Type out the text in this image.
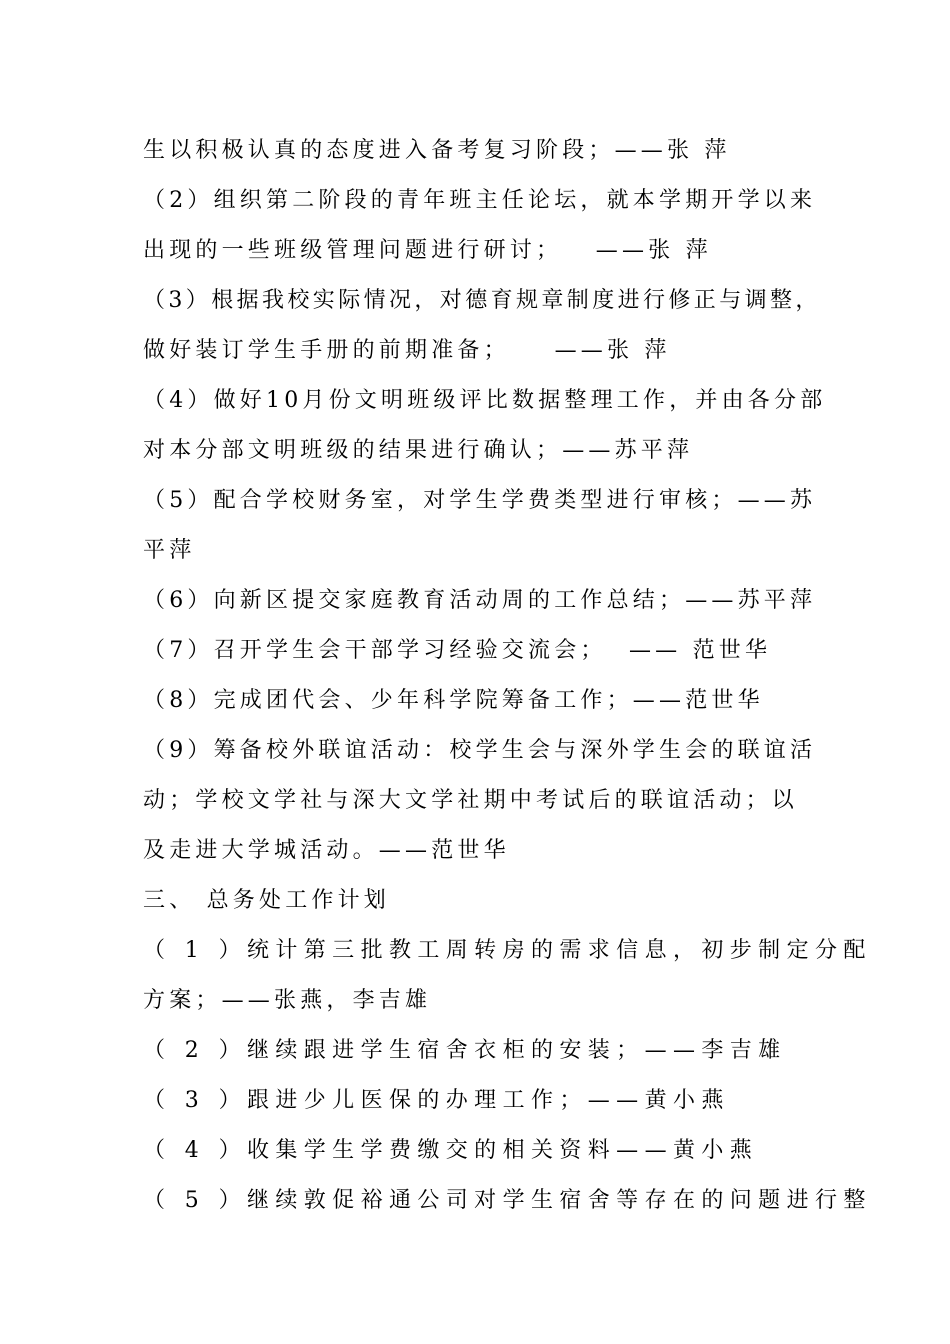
生以积极认真的态度进入备考复习阶段；——张 萍
（2）组织第二阶段的青年班主任论坛，就本学期开学以来
出现的一些班级管理问题进行研讨；   ——张 萍
（3）根据我校实际情况，对德育规章制度进行修正与调整，
做好装订学生手册的前期准备；    ——张 萍
（4）做好10月份文明班级评比数据整理工作，并由各分部
对本分部文明班级的结果进行确认；——苏平萍
（5）配合学校财务室，对学生学费类型进行审核；——苏
平萍
（6）向新区提交家庭教育活动周的工作总结；——苏平萍
（7）召开学生会干部学习经验交流会；  —— 范世华
（8）完成团代会、少年科学院筹备工作；——范世华
（9）筹备校外联谊活动：校学生会与深外学生会的联谊活
动；学校文学社与深大文学社期中考试后的联谊活动；以
及走进大学城活动。——范世华
三、 总务处工作计划
（ 1 ）统计第三批教工周转房的需求信息，初步制定分配
方案；——张燕，李吉雄
（ 2 ）继续跟进学生宿舍衣柜的安装；——李吉雄
（ 3 ）跟进少儿医保的办理工作；——黄小燕
（ 4 ）收集学生学费缴交的相关资料——黄小燕
（ 5 ）继续敦促裕通公司对学生宿舍等存在的问题进行整
